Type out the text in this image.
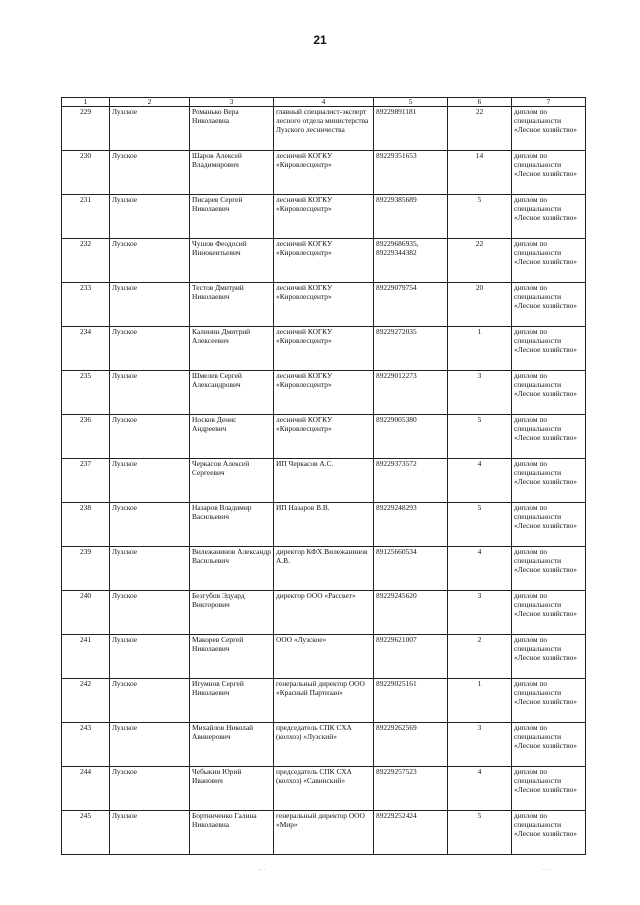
21
1	2	3	4	5	6	7
229	Лузское	Романько Вера Николаевна	главный специалист-эксперт лесного отдела министерства Лузского лесничества	89229891181	22	диплом по специальности «Лесное хозяйство»
230	Лузское	Шаров Алексей Владимирович	лесничий КОГКУ «Кировлесцентр»	89229351653	14	диплом по специальности «Лесное хозяйство»
231	Лузское	Писарев Сергей Николаевич	лесничий КОГКУ «Кировлесцентр»	89229385689	5	диплом по специальности «Лесное хозяйство»
232	Лузское	Чушов Феодосий Иннокентьевич	лесничий КОГКУ «Кировлесцентр»	89229686935, 89229344382	22	диплом по специальности «Лесное хозяйство»
233	Лузское	Тестов Дмитрий Николаевич	лесничий КОГКУ «Кировлесцентр»	89229079754	20	диплом по специальности «Лесное хозяйство»
234	Лузское	Калинин Дмитрий Алексеевич	лесничий КОГКУ «Кировлесцентр»	89229272035	1	диплом по специальности «Лесное хозяйство»
235	Лузское	Шмелев Сергей Александрович	лесничий КОГКУ «Кировлесцентр»	89229012273	3	диплом по специальности «Лесное хозяйство»
236	Лузское	Носков Денис Андреевич	лесничий КОГКУ «Кировлесцентр»	89229005380	5	диплом по специальности «Лесное хозяйство»
237	Лузское	Черкасов Алексей Сергеевич	ИП Черкасов А.С.	89229373572	4	диплом по специальности «Лесное хозяйство»
238	Лузское	Назаров Владимир Васильевич	ИП Назаров В.В.	89229248293	5	диплом по специальности «Лесное хозяйство»
239	Лузское	Вилежанинов Александр Васильевич	директор КФХ Вилежанинов А.В.	89125660534	4	диплом по специальности «Лесное хозяйство»
240	Лузское	Безгубов Эдуард Викторович	директор ООО «Рассвет»	89229245620	3	диплом по специальности «Лесное хозяйство»
241	Лузское	Макорев Сергей Николаевич	ООО «Лузское»	89229621007	2	диплом по специальности «Лесное хозяйство»
242	Лузское	Игумнов Сергей Николаевич	генеральный директор ООО «Красный Партизан»	89229025161	1	диплом по специальности «Лесное хозяйство»
243	Лузское	Михайлов Николай Авинерович	председатель СПК СХА (колхоз) «Лузский»	89229262569	3	диплом по специальности «Лесное хозяйство»
244	Лузское	Чебыкин Юрий Иванович	председатель СПК СХА (колхоз) «Савинский»	89229257523	4	диплом по специальности «Лесное хозяйство»
245	Лузское	Бортниченко Галина Николаевна	генеральный директор ООО «Мир»	89229252424	5	диплом по специальности «Лесное хозяйство»
·· ·	·· ··
